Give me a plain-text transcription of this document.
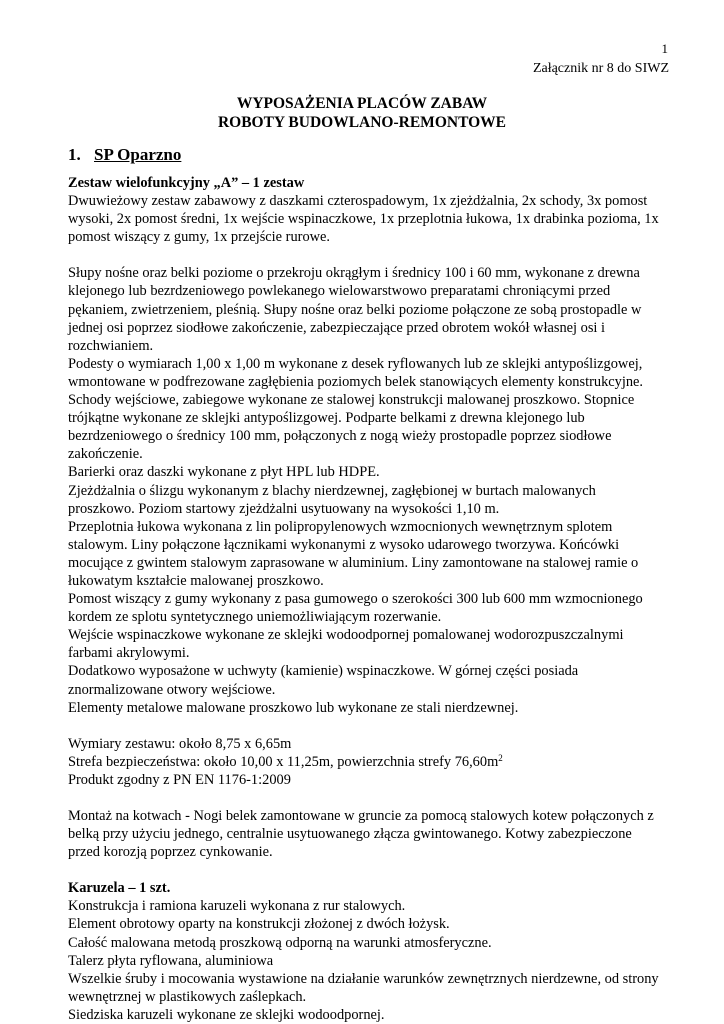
1
Załącznik nr 8 do SIWZ
WYPOSAŻENIA PLACÓW ZABAW
ROBOTY BUDOWLANO-REMONTOWE
1. SP Oparzno

Zestaw wielofunkcyjny „A” – 1 zestaw

Dwuwieżowy zestaw zabawowy z daszkami czterospadowym, 1x zjeżdżalnia, 2x schody, 3x pomost

wysoki, 2x pomost średni, 1x wejście wspinaczkowe, 1x przeplotnia łukowa, 1x drabinka pozioma, 1x

pomost wiszący z gumy, 1x przejście rurowe.

Słupy nośne oraz belki poziome o przekroju okrągłym i średnicy 100 i 60 mm, wykonane z drewna

klejonego lub bezrdzeniowego powlekanego wielowarstwowo preparatami chroniącymi przed

pękaniem, zwietrzeniem, pleśnią. Słupy nośne oraz belki poziome połączone ze sobą prostopadle w

jednej osi poprzez siodłowe zakończenie, zabezpieczające przed obrotem wokół własnej osi i

rozchwianiem.

Podesty o wymiarach 1,00 x 1,00 m wykonane z desek ryflowanych lub ze sklejki antypoślizgowej,

wmontowane w podfrezowane zagłębienia poziomych belek stanowiących elementy konstrukcyjne.

Schody wejściowe, zabiegowe wykonane ze stalowej konstrukcji malowanej proszkowo. Stopnice

trójkątne wykonane ze sklejki antypoślizgowej. Podparte belkami z drewna klejonego lub

bezrdzeniowego o średnicy 100 mm, połączonych z nogą wieży prostopadle poprzez siodłowe

zakończenie.

Barierki oraz daszki wykonane z płyt HPL lub HDPE.

Zjeżdżalnia o ślizgu wykonanym z blachy nierdzewnej, zagłębionej w burtach malowanych

proszkowo. Poziom startowy zjeżdżalni usytuowany na wysokości 1,10 m.

Przeplotnia łukowa wykonana z lin polipropylenowych wzmocnionych wewnętrznym splotem

stalowym. Liny połączone łącznikami wykonanymi z wysoko udarowego tworzywa. Końcówki

mocujące z gwintem stalowym zaprasowane w aluminium. Liny zamontowane na stalowej ramie o

łukowatym kształcie malowanej proszkowo.

Pomost wiszący z gumy wykonany z pasa gumowego o szerokości 300 lub 600 mm wzmocnionego

kordem ze splotu syntetycznego uniemożliwiającym rozerwanie.

Wejście wspinaczkowe wykonane ze sklejki wodoodpornej pomalowanej wodorozpuszczalnymi

farbami akrylowymi.

Dodatkowo wyposażone w uchwyty (kamienie) wspinaczkowe. W górnej części posiada

znormalizowane otwory wejściowe.

Elementy metalowe malowane proszkowo lub wykonane ze stali nierdzewnej.

Wymiary zestawu: około 8,75 x 6,65m

Strefa bezpieczeństwa: około 10,00 x 11,25m, powierzchnia strefy $76,60m^2$

Produkt zgodny z PN EN 1176-1:2009

Montaż na kotwach - Nogi belek zamontowane w gruncie za pomocą stalowych kotew połączonych z

belką przy użyciu jednego, centralnie usytuowanego złącza gwintowanego. Kotwy zabezpieczone

przed korozją poprzez cynkowanie.

Karuzela – 1 szt.

Konstrukcja i ramiona karuzeli wykonana z rur stalowych.

Element obrotowy oparty na konstrukcji złożonej z dwóch łożysk.

Całość malowana metodą proszkową odporną na warunki atmosferyczne.

Talerz płyta ryflowana, aluminiowa

Wszelkie śruby i mocowania wystawione na działanie warunków zewnętrznych nierdzewne, od strony

wewnętrznej w plastikowych zaślepkach.

Siedziska karuzeli wykonane ze sklejki wodoodpornej.
